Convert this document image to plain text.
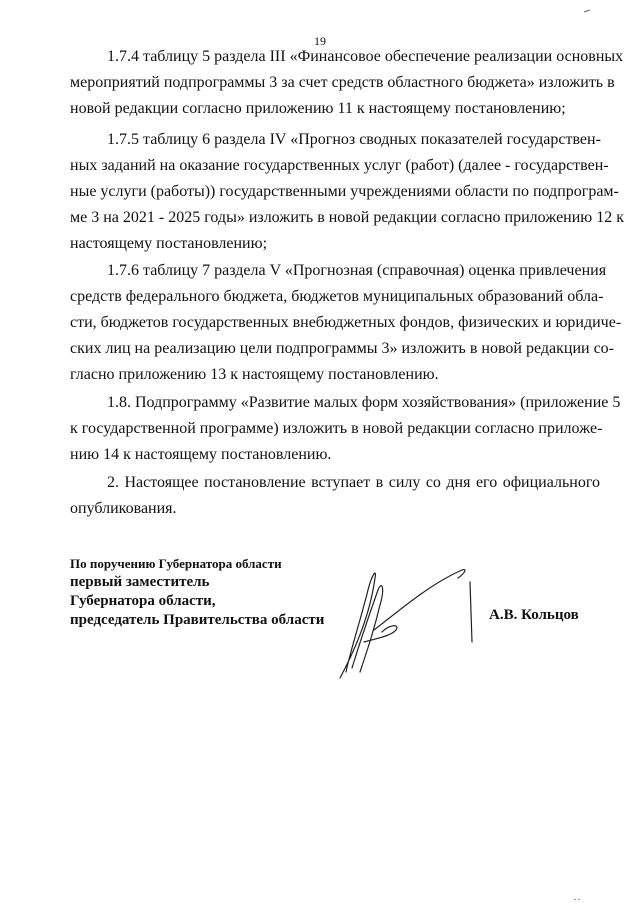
19
1.7.4 таблицу 5 раздела III «Финансовое обеспечение реализации основных
мероприятий подпрограммы 3 за счет средств областного бюджета» изложить в
новой редакции согласно приложению 11 к настоящему постановлению;
1.7.5 таблицу 6 раздела IV «Прогноз сводных показателей государствен-
ных заданий на оказание государственных услуг (работ) (далее - государствен-
ные услуги (работы)) государственными учреждениями области по подпрограм-
ме 3 на 2021 - 2025 годы» изложить в новой редакции согласно приложению 12 к
настоящему постановлению;
1.7.6 таблицу 7 раздела V «Прогнозная (справочная) оценка привлечения
средств федерального бюджета, бюджетов муниципальных образований обла-
сти, бюджетов государственных внебюджетных фондов, физических и юридиче-
ских лиц на реализацию цели подпрограммы 3» изложить в новой редакции со-
гласно приложению 13 к настоящему постановлению.
1.8. Подпрограмму «Развитие малых форм хозяйствования» (приложение 5
к государственной программе) изложить в новой редакции согласно приложе-
нию 14 к настоящему постановлению.
2. Настоящее постановление вступает в силу со дня его официального
опубликования.
По поручению Губернатора области
первый заместитель
Губернатора области,
председатель Правительства области	А.В. Кольцов
